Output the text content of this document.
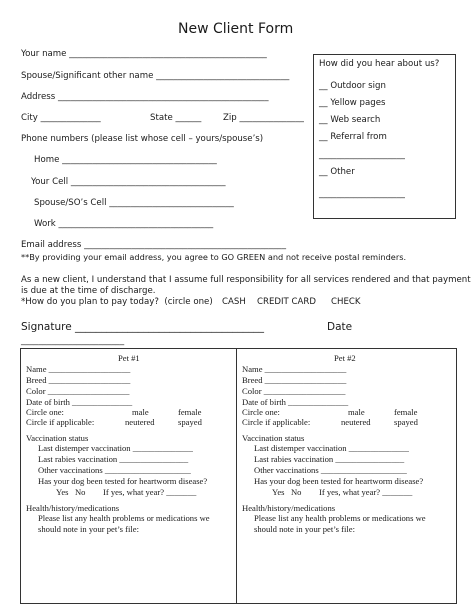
New Client Form
Your name ______________________________________________
Spouse/Significant other name _______________________________
Address _________________________________________________
City ______________	State ______	Zip _______________
Phone numbers (please list whose cell – yours/spouse’s)
Home ____________________________________
Your Cell ____________________________________
Spouse/SO’s Cell _____________________________
Work ____________________________________
Email address _______________________________________________
**By providing your email address, you agree to GO GREEN and not receive postal reminders.
How did you hear about us?
__ Outdoor sign
__ Yellow pages
__ Web search
__ Referral from
____________________
__ Other
____________________
As a new client, I understand that I assume full responsibility for all services rendered and that payment
is due at the time of discharge.
*How do you plan to pay today?  (circle one) CASH CREDIT CARD CHECK
Signature ____________________________________	Date
________________________
Pet #1
Name ___________________
Breed ___________________
Color ___________________
Date of birth ______________
Circle one:	male	female
Circle if applicable:	neutered	spayed
Vaccination status
Last distemper vaccination ______________
Last rabies vaccination ________________
Other vaccinations ____________________
Has your dog been tested for heartworm disease?
Yes   No If yes, what year? _______
Health/history/medications
Please list any health problems or medications we
should note in your pet’s file:
Pet #2
Name ___________________
Breed ___________________
Color ___________________
Date of birth ______________
Circle one:	male	female
Circle if applicable:	neutered	spayed
Vaccination status
Last distemper vaccination ______________
Last rabies vaccination ________________
Other vaccinations ____________________
Has your dog been tested for heartworm disease?
Yes   No If yes, what year? _______
Health/history/medications
Please list any health problems or medications we
should note in your pet’s file:
